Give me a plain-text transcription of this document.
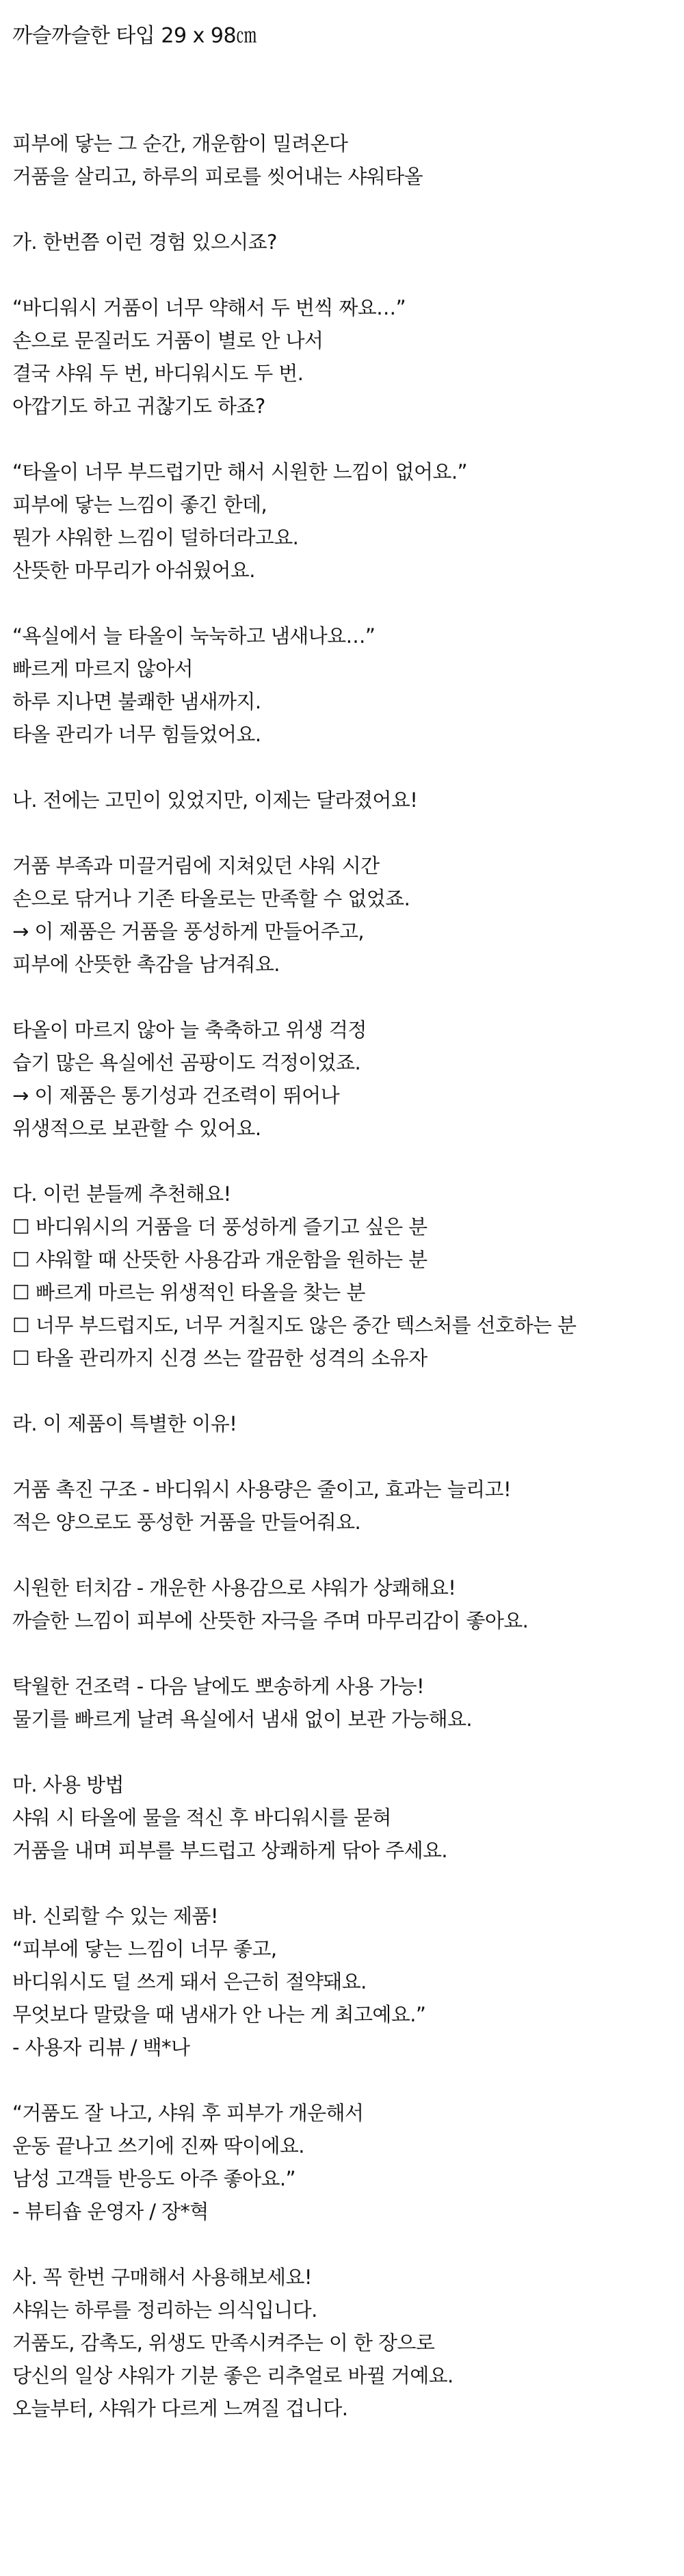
까슬까슬한 타입 29 x 98㎝

피부에 닿는 그 순간, 개운함이 밀려온다

거품을 살리고, 하루의 피로를 씻어내는 샤워타올

가. 한번쯤 이런 경험 있으시죠?

“바디워시 거품이 너무 약해서 두 번씩 짜요…”

손으로 문질러도 거품이 별로 안 나서

결국 샤워 두 번, 바디워시도 두 번.

아깝기도 하고 귀찮기도 하죠?

“타올이 너무 부드럽기만 해서 시원한 느낌이 없어요.”

피부에 닿는 느낌이 좋긴 한데,

뭔가 샤워한 느낌이 덜하더라고요.

산뜻한 마무리가 아쉬웠어요.

“욕실에서 늘 타올이 눅눅하고 냄새나요…”

빠르게 마르지 않아서

하루 지나면 불쾌한 냄새까지.

타올 관리가 너무 힘들었어요.

나. 전에는 고민이 있었지만, 이제는 달라졌어요!

거품 부족과 미끌거림에 지쳐있던 샤워 시간

손으로 닦거나 기존 타올로는 만족할 수 없었죠.

→ 이 제품은 거품을 풍성하게 만들어주고,

피부에 산뜻한 촉감을 남겨줘요.

타올이 마르지 않아 늘 축축하고 위생 걱정

습기 많은 욕실에선 곰팡이도 걱정이었죠.

→ 이 제품은 통기성과 건조력이 뛰어나

위생적으로 보관할 수 있어요.

다. 이런 분들께 추천해요!

☐ 바디워시의 거품을 더 풍성하게 즐기고 싶은 분

☐ 샤워할 때 산뜻한 사용감과 개운함을 원하는 분

☐ 빠르게 마르는 위생적인 타올을 찾는 분

☐ 너무 부드럽지도, 너무 거칠지도 않은 중간 텍스처를 선호하는 분

☐ 타올 관리까지 신경 쓰는 깔끔한 성격의 소유자

라. 이 제품이 특별한 이유!

거품 촉진 구조 - 바디워시 사용량은 줄이고, 효과는 늘리고!

적은 양으로도 풍성한 거품을 만들어줘요.

시원한 터치감 - 개운한 사용감으로 샤워가 상쾌해요!

까슬한 느낌이 피부에 산뜻한 자극을 주며 마무리감이 좋아요.

탁월한 건조력 - 다음 날에도 뽀송하게 사용 가능!

물기를 빠르게 날려 욕실에서 냄새 없이 보관 가능해요.

마. 사용 방법

샤워 시 타올에 물을 적신 후 바디워시를 묻혀

거품을 내며 피부를 부드럽고 상쾌하게 닦아 주세요.

바. 신뢰할 수 있는 제품!

“피부에 닿는 느낌이 너무 좋고,

바디워시도 덜 쓰게 돼서 은근히 절약돼요.

무엇보다 말랐을 때 냄새가 안 나는 게 최고예요.”

- 사용자 리뷰 / 백*나

“거품도 잘 나고, 샤워 후 피부가 개운해서

운동 끝나고 쓰기에 진짜 딱이에요.

남성 고객들 반응도 아주 좋아요.”

- 뷰티숍 운영자 / 장*혁

사. 꼭 한번 구매해서 사용해보세요!

샤워는 하루를 정리하는 의식입니다.

거품도, 감촉도, 위생도 만족시켜주는 이 한 장으로

당신의 일상 샤워가 기분 좋은 리추얼로 바뀔 거예요.

오늘부터, 샤워가 다르게 느껴질 겁니다.
